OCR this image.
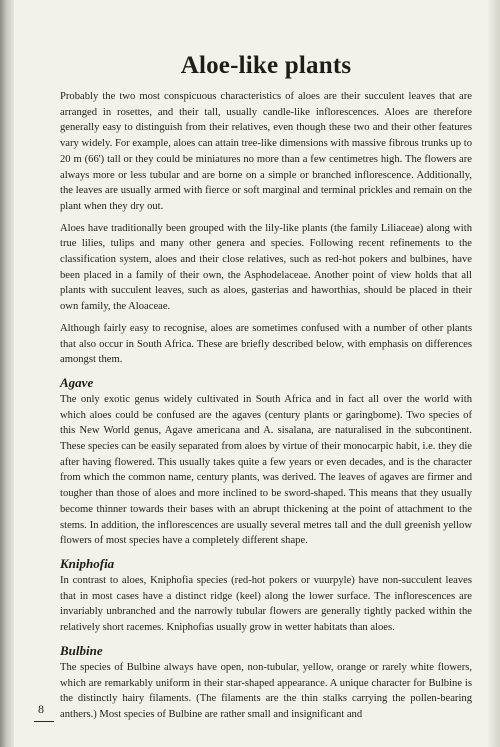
Aloe-like plants

Probably the two most conspicuous characteristics of aloes are their succulent leaves that are arranged in rosettes, and their tall, usually candle-like inflorescences. Aloes are therefore generally easy to distinguish from their relatives, even though these two and their other features vary widely. For example, aloes can attain tree-like dimensions with massive fibrous trunks up to 20 m (66') tall or they could be miniatures no more than a few centimetres high. The flowers are always more or less tubular and are borne on a simple or branched inflorescence. Additionally, the leaves are usually armed with fierce or soft marginal and terminal prickles and remain on the plant when they dry out.

Aloes have traditionally been grouped with the lily-like plants (the family Liliaceae) along with true lilies, tulips and many other genera and species. Following recent refinements to the classification system, aloes and their close relatives, such as red-hot pokers and bulbines, have been placed in a family of their own, the Asphodelaceae. Another point of view holds that all plants with succulent leaves, such as aloes, gasterias and haworthias, should be placed in their own family, the Aloaceae.

Although fairly easy to recognise, aloes are sometimes confused with a number of other plants that also occur in South Africa. These are briefly described below, with emphasis on differences amongst them.

Agave

The only exotic genus widely cultivated in South Africa and in fact all over the world with which aloes could be confused are the agaves (century plants or garingbome). Two species of this New World genus, Agave americana and A. sisalana, are naturalised in the subcontinent. These species can be easily separated from aloes by virtue of their monocarpic habit, i.e. they die after having flowered. This usually takes quite a few years or even decades, and is the character from which the common name, century plants, was derived. The leaves of agaves are firmer and tougher than those of aloes and more inclined to be sword-shaped. This means that they usually become thinner towards their bases with an abrupt thickening at the point of attachment to the stems. In addition, the inflorescences are usually several metres tall and the dull greenish yellow flowers of most species have a completely different shape.

Kniphofia

In contrast to aloes, Kniphofia species (red-hot pokers or vuurpyle) have non-succulent leaves that in most cases have a distinct ridge (keel) along the lower surface. The inflorescences are invariably unbranched and the narrowly tubular flowers are generally tightly packed within the relatively short racemes. Kniphofias usually grow in wetter habitats than aloes.

Bulbine

The species of Bulbine always have open, non-tubular, yellow, orange or rarely white flowers, which are remarkably uniform in their star-shaped appearance. A unique character for Bulbine is the distinctly hairy filaments. (The filaments are the thin stalks carrying the pollen-bearing anthers.) Most species of Bulbine are rather small and insignificant and

8
